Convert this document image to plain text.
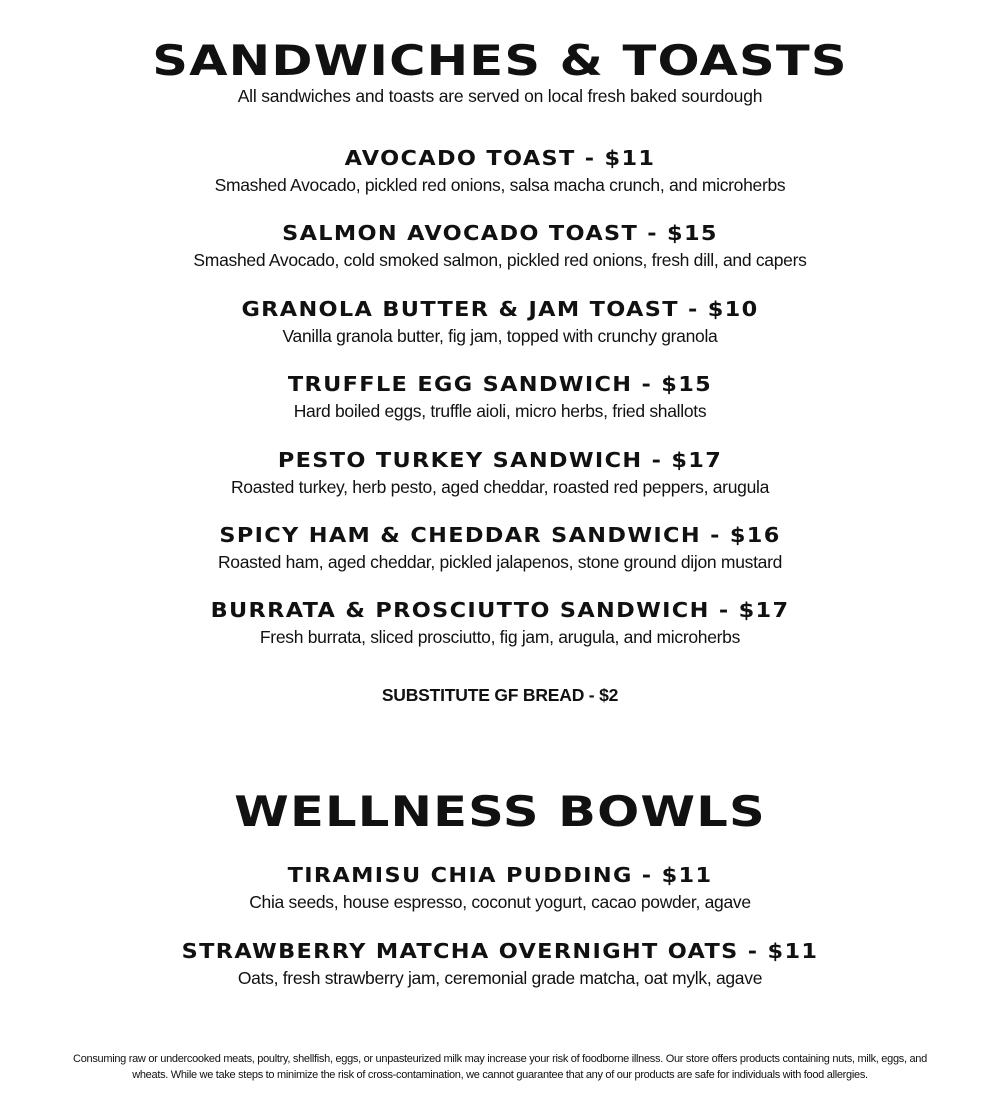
SANDWICHES & TOASTS

All sandwiches and toasts are served on local fresh baked sourdough

AVOCADO TOAST - $11
Smashed Avocado, pickled red onions, salsa macha crunch, and microherbs
SALMON AVOCADO TOAST - $15
Smashed Avocado, cold smoked salmon, pickled red onions, fresh dill, and capers
GRANOLA BUTTER & JAM TOAST - $10
Vanilla granola butter, fig jam, topped with crunchy granola
TRUFFLE EGG SANDWICH - $15
Hard boiled eggs, truffle aioli, micro herbs, fried shallots
PESTO TURKEY SANDWICH - $17
Roasted turkey, herb pesto, aged cheddar, roasted red peppers, arugula
SPICY HAM & CHEDDAR SANDWICH - $16
Roasted ham, aged cheddar, pickled jalapenos, stone ground dijon mustard
BURRATA & PROSCIUTTO SANDWICH - $17
Fresh burrata, sliced prosciutto, fig jam, arugula, and microherbs
SUBSTITUTE GF BREAD - $2
WELLNESS BOWLS
TIRAMISU CHIA PUDDING - $11
Chia seeds, house espresso, coconut yogurt, cacao powder, agave
STRAWBERRY MATCHA OVERNIGHT OATS - $11
Oats, fresh strawberry jam, ceremonial grade matcha, oat mylk, agave

Consuming raw or undercooked meats, poultry, shellfish, eggs, or unpasteurized milk may increase your risk of foodborne illness. Our store offers products containing nuts, milk, eggs, and wheats. While we take steps to minimize the risk of cross-contamination, we cannot guarantee that any of our products are safe for individuals with food allergies.
